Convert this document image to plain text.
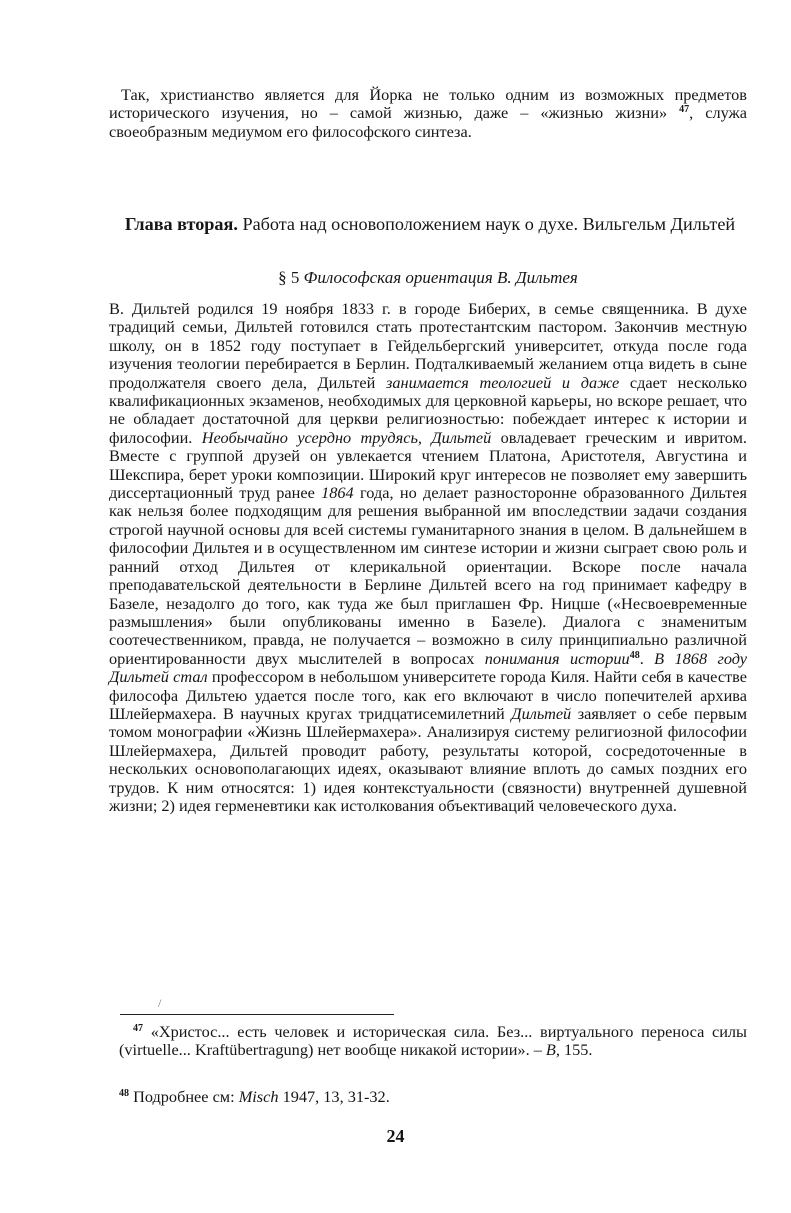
Так, христианство является для Йорка не только одним из возможных предметов исторического изучения, но – самой жизнью, даже – «жизнью жизни» $^{47}$, служа своеобразным медиумом его философского синтеза.

Глава вторая. Работа над основоположением наук о духе. Вильгельм Дильтей
§ 5 Философская ориентация В. Дильтея

В. Дильтей родился 19 ноября 1833 г. в городе Биберих, в семье священника. В духе традиций семьи, Дильтей готовился стать протестантским пастором. Закончив местную школу, он в 1852 году поступает в Гейдельбергский университет, откуда после года изучения теологии перебирается в Берлин. Подталкиваемый желанием отца видеть в сыне продолжателя своего дела, Дильтей занимается теологией и даже сдает несколько квалификационных экзаменов, необходимых для церковной карьеры, но вскоре решает, что не обладает достаточной для церкви религиозностью: побеждает интерес к истории и философии. Необычайно усердно трудясь, Дильтей овладевает греческим и ивритом. Вместе с группой друзей он увлекается чтением Платона, Аристотеля, Августина и Шекспира, берет уроки композиции. Широкий круг интересов не позволяет ему завершить диссертационный труд ранее 1864 года, но делает разносторонне образованного Дильтея как нельзя более подходящим для решения выбранной им впоследствии задачи создания строгой научной основы для всей системы гуманитарного знания в целом. В дальнейшем в философии Дильтея и в осуществленном им синтезе истории и жизни сыграет свою роль и ранний отход Дильтея от клерикальной ориентации. Вскоре после начала преподавательской деятельности в Берлине Дильтей всего на год принимает кафедру в Базеле, незадолго до того, как туда же был приглашен Фр. Ницше («Несвоевременные размышления» были опубликованы именно в Базеле). Диалога с знаменитым соотечественником, правда, не получается – возможно в силу принципиально различной ориентированности двух мыслителей в вопросах понимания истории$^{48}$. В 1868 году Дильтей стал профессором в небольшом университете города Киля. Найти себя в качестве философа Дильтею удается после того, как его включают в число попечителей архива Шлейермахера. В научных кругах тридцатисемилетний Дильтей заявляет о себе первым томом монографии «Жизнь Шлейермахера». Анализируя систему религиозной философии Шлейермахера, Дильтей проводит работу, результаты которой, сосредоточенные в нескольких основополагающих идеях, оказывают влияние вплоть до самых поздних его трудов. К ним относятся: 1) идея контекстуальности (связности) внутренней душевной жизни; 2) идея герменевтики как истолкования объективаций человеческого духа.

/
$^{47}$ «Христос... есть человек и историческая сила. Без... виртуального переноса силы (virtuelle... Kraftübertragung) нет вообще никакой истории». – B, 155.
$^{48}$ Подробнее см: Misch 1947, 13, 31-32.
24
